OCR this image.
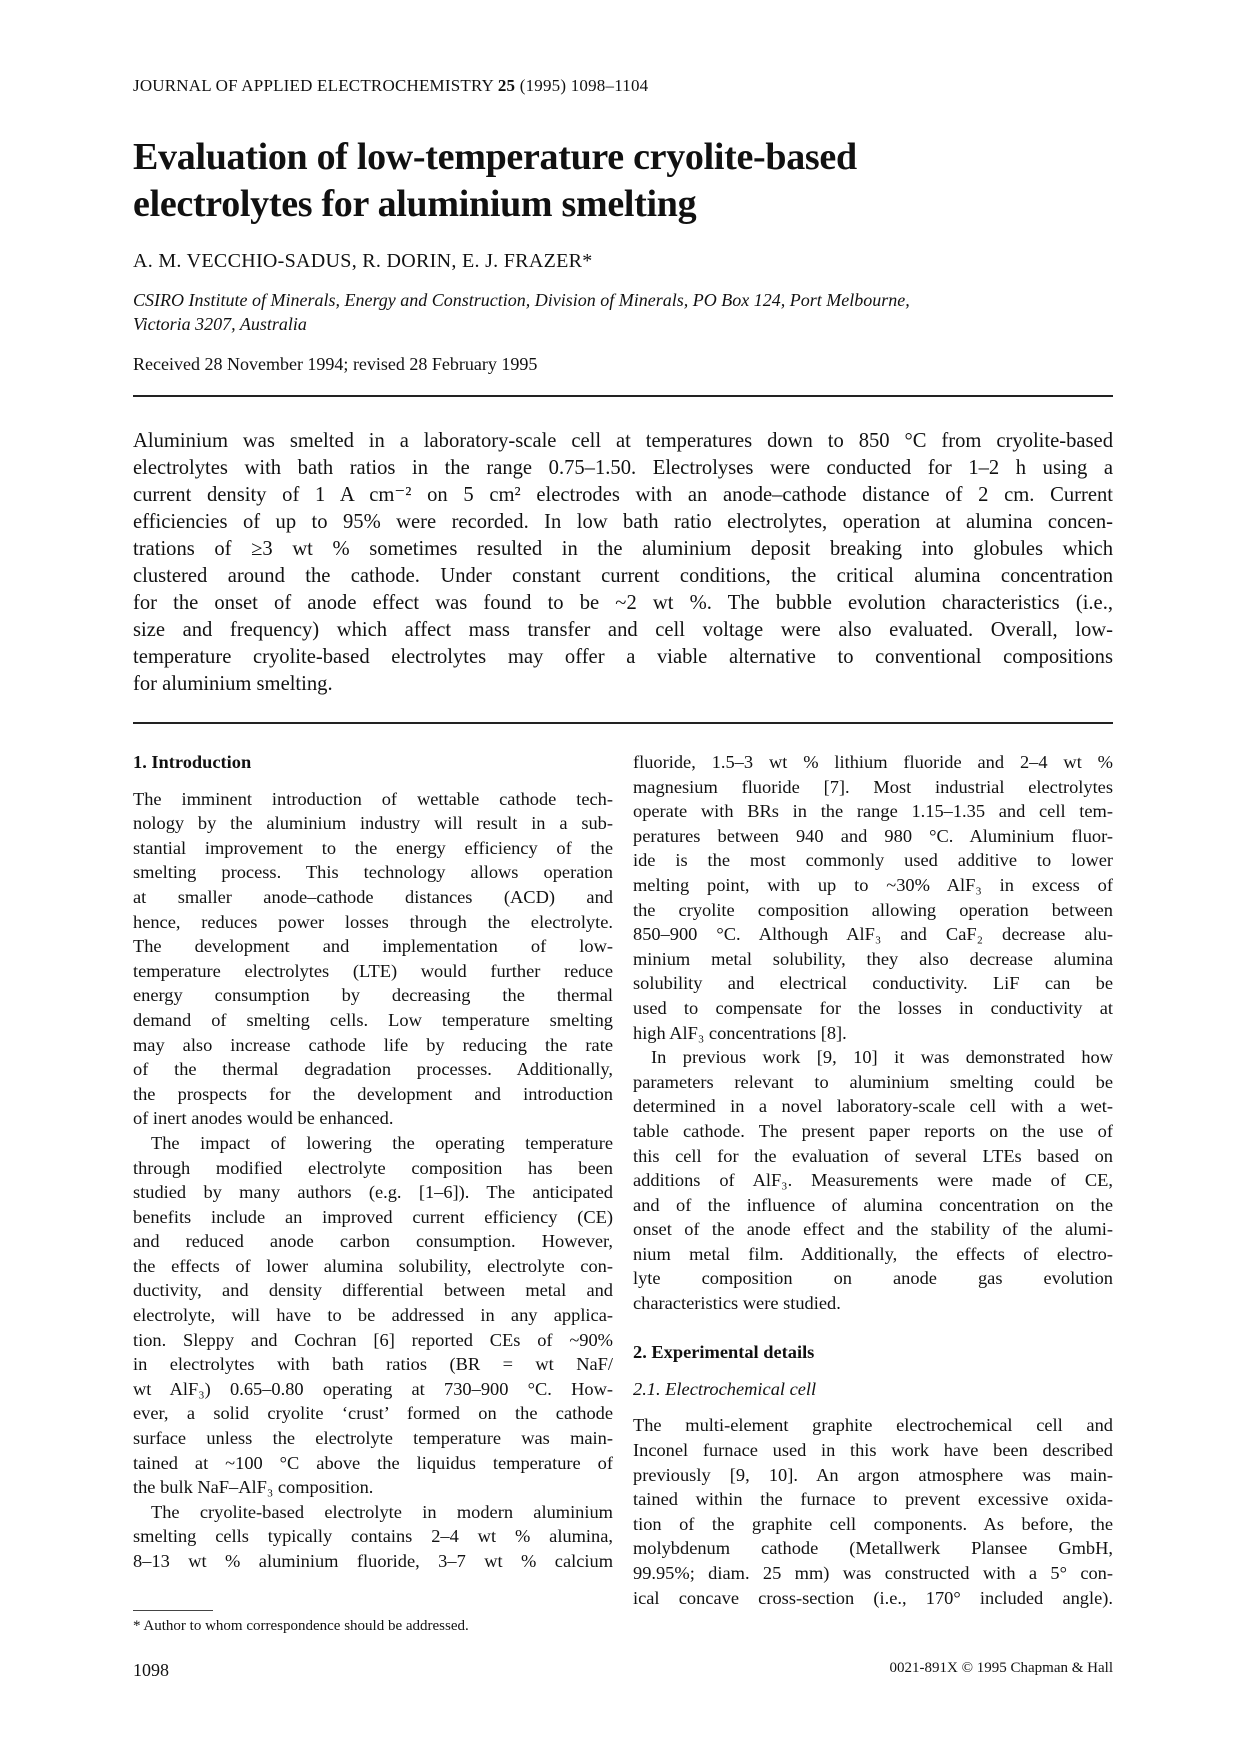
JOURNAL OF APPLIED ELECTROCHEMISTRY 25 (1995) 1098–1104
Evaluation of low-temperature cryolite-based
electrolytes for aluminium smelting
A. M. VECCHIO-SADUS, R. DORIN, E. J. FRAZER*
CSIRO Institute of Minerals, Energy and Construction, Division of Minerals, PO Box 124, Port Melbourne,
Victoria 3207, Australia
Received 28 November 1994; revised 28 February 1995
Aluminium was smelted in a laboratory-scale cell at temperatures down to 850 °C from cryolite-based
electrolytes with bath ratios in the range 0.75–1.50. Electrolyses were conducted for 1–2 h using a
current density of 1 A cm⁻² on 5 cm² electrodes with an anode–cathode distance of 2 cm. Current
efficiencies of up to 95% were recorded. In low bath ratio electrolytes, operation at alumina concen-
trations of ≥3 wt % sometimes resulted in the aluminium deposit breaking into globules which
clustered around the cathode. Under constant current conditions, the critical alumina concentration
for the onset of anode effect was found to be ~2 wt %. The bubble evolution characteristics (i.e.,
size and frequency) which affect mass transfer and cell voltage were also evaluated. Overall, low-
temperature cryolite-based electrolytes may offer a viable alternative to conventional compositions
for aluminium smelting.
1. Introduction
The imminent introduction of wettable cathode tech-
nology by the aluminium industry will result in a sub-
stantial improvement to the energy efficiency of the
smelting process. This technology allows operation
at smaller anode–cathode distances (ACD) and
hence, reduces power losses through the electrolyte.
The development and implementation of low-
temperature electrolytes (LTE) would further reduce
energy consumption by decreasing the thermal
demand of smelting cells. Low temperature smelting
may also increase cathode life by reducing the rate
of the thermal degradation processes. Additionally,
the prospects for the development and introduction
of inert anodes would be enhanced.
The impact of lowering the operating temperature
through modified electrolyte composition has been
studied by many authors (e.g. [1–6]). The anticipated
benefits include an improved current efficiency (CE)
and reduced anode carbon consumption. However,
the effects of lower alumina solubility, electrolyte con-
ductivity, and density differential between metal and
electrolyte, will have to be addressed in any applica-
tion. Sleppy and Cochran [6] reported CEs of ~90%
in electrolytes with bath ratios (BR = wt NaF/
wt AlF₃) 0.65–0.80 operating at 730–900 °C. How-
ever, a solid cryolite ‘crust’ formed on the cathode
surface unless the electrolyte temperature was main-
tained at ~100 °C above the liquidus temperature of
the bulk NaF–AlF₃ composition.
The cryolite-based electrolyte in modern aluminium
smelting cells typically contains 2–4 wt % alumina,
8–13 wt % aluminium fluoride, 3–7 wt % calcium
fluoride, 1.5–3 wt % lithium fluoride and 2–4 wt %
magnesium fluoride [7]. Most industrial electrolytes
operate with BRs in the range 1.15–1.35 and cell tem-
peratures between 940 and 980 °C. Aluminium fluor-
ide is the most commonly used additive to lower
melting point, with up to ~30% AlF₃ in excess of
the cryolite composition allowing operation between
850–900 °C. Although AlF₃ and CaF₂ decrease alu-
minium metal solubility, they also decrease alumina
solubility and electrical conductivity. LiF can be
used to compensate for the losses in conductivity at
high AlF₃ concentrations [8].
In previous work [9, 10] it was demonstrated how
parameters relevant to aluminium smelting could be
determined in a novel laboratory-scale cell with a wet-
table cathode. The present paper reports on the use of
this cell for the evaluation of several LTEs based on
additions of AlF₃. Measurements were made of CE,
and of the influence of alumina concentration on the
onset of the anode effect and the stability of the alumi-
nium metal film. Additionally, the effects of electro-
lyte composition on anode gas evolution
characteristics were studied.
2. Experimental details
2.1. Electrochemical cell
The multi-element graphite electrochemical cell and
Inconel furnace used in this work have been described
previously [9, 10]. An argon atmosphere was main-
tained within the furnace to prevent excessive oxida-
tion of the graphite cell components. As before, the
molybdenum cathode (Metallwerk Plansee GmbH,
99.95%; diam. 25 mm) was constructed with a 5° con-
ical concave cross-section (i.e., 170° included angle).
* Author to whom correspondence should be addressed.
1098	0021-891X © 1995 Chapman & Hall
